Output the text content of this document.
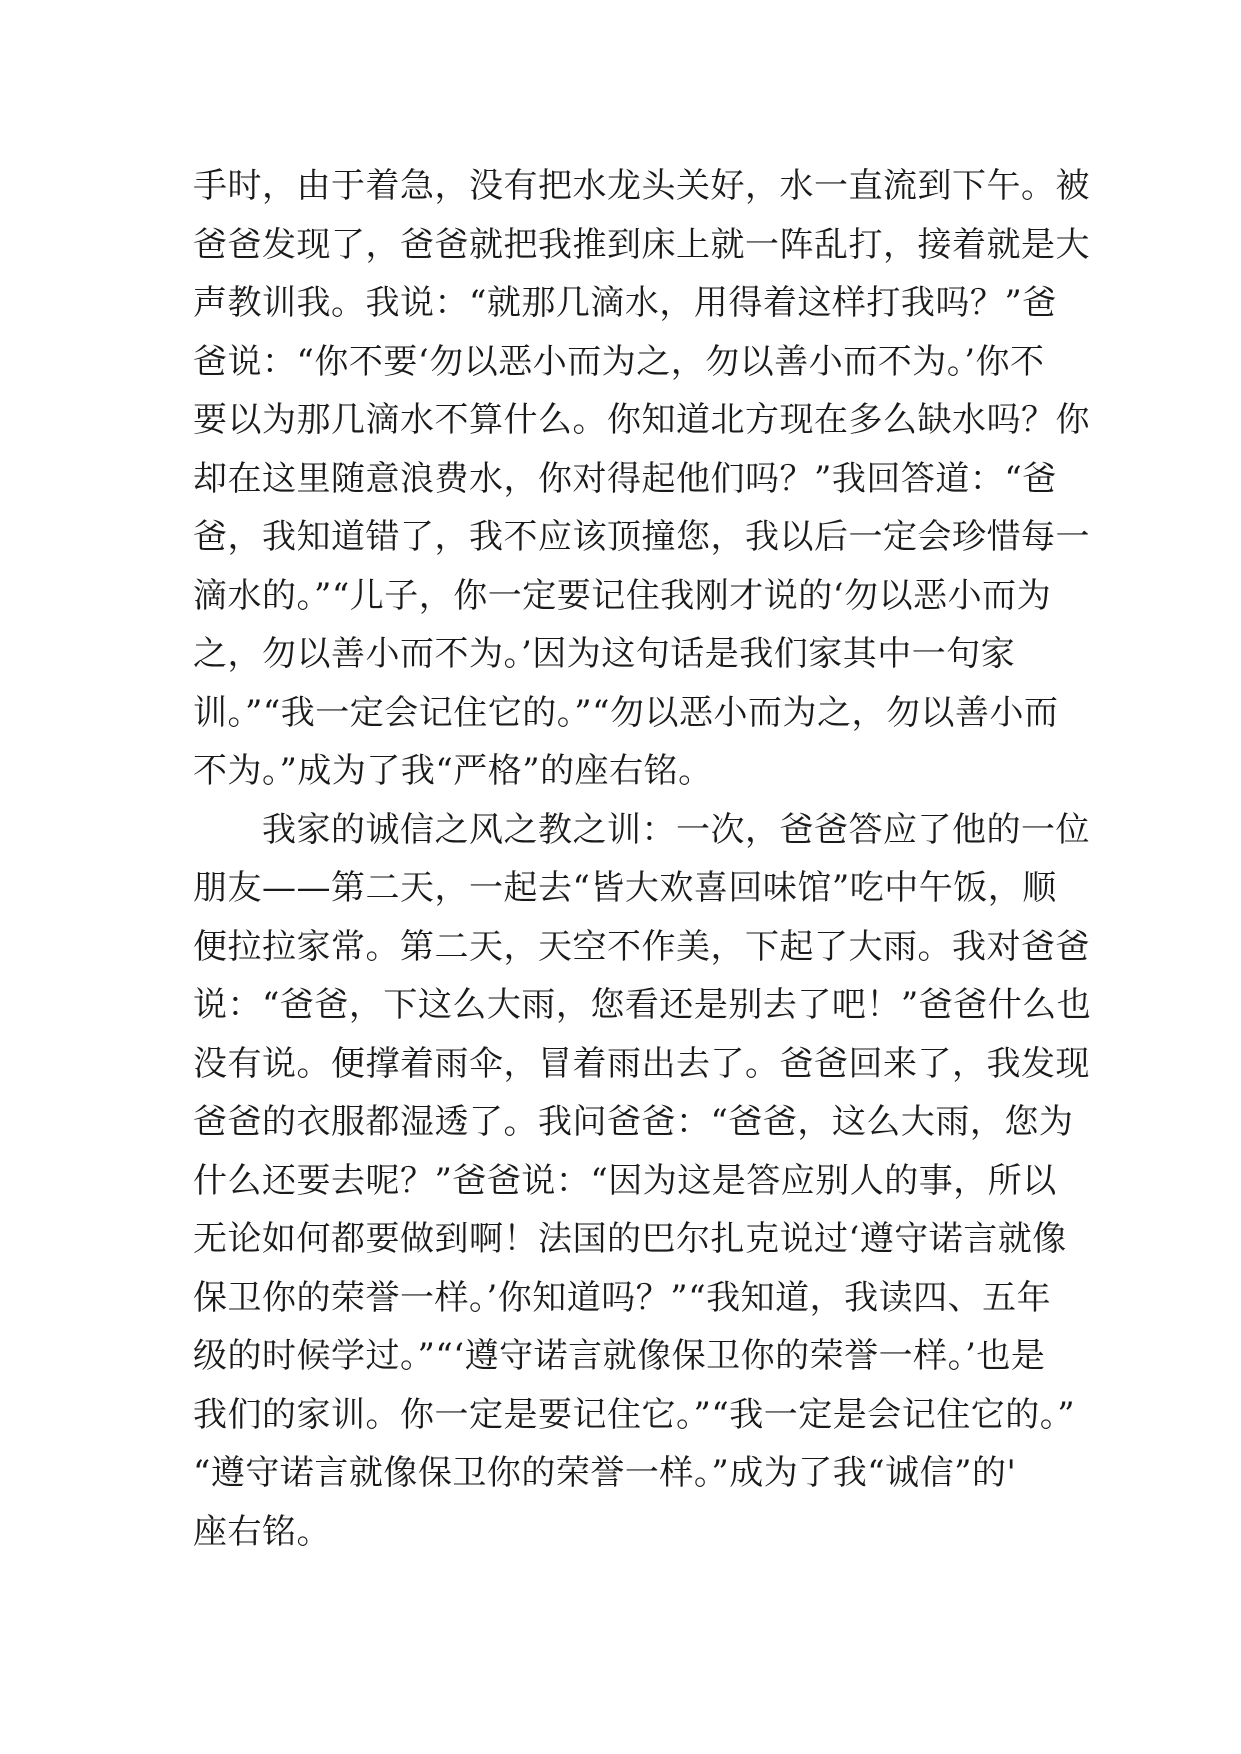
手时，由于着急，没有把水龙头关好，水一直流到下午。被
爸爸发现了，爸爸就把我推到床上就一阵乱打，接着就是大
声教训我。我说：“就那几滴水，用得着这样打我吗？”爸
爸说：“你不要‘勿以恶小而为之，勿以善小而不为。’你不
要以为那几滴水不算什么。你知道北方现在多么缺水吗？你
却在这里随意浪费水，你对得起他们吗？”我回答道：“爸
爸，我知道错了，我不应该顶撞您，我以后一定会珍惜每一
滴水的。”“儿子，你一定要记住我刚才说的‘勿以恶小而为
之，勿以善小而不为。’因为这句话是我们家其中一句家
训。”“我一定会记住它的。”“勿以恶小而为之，勿以善小而
不为。”成为了我“严格”的座右铭。
　　我家的诚信之风之教之训：一次，爸爸答应了他的一位
朋友——第二天，一起去“皆大欢喜回味馆”吃中午饭，顺
便拉拉家常。第二天，天空不作美，下起了大雨。我对爸爸
说：“爸爸，下这么大雨，您看还是别去了吧！”爸爸什么也
没有说。便撑着雨伞，冒着雨出去了。爸爸回来了，我发现
爸爸的衣服都湿透了。我问爸爸：“爸爸，这么大雨，您为
什么还要去呢？”爸爸说：“因为这是答应别人的事，所以
无论如何都要做到啊！法国的巴尔扎克说过‘遵守诺言就像
保卫你的荣誉一样。’你知道吗？”“我知道，我读四、五年
级的时候学过。”“‘遵守诺言就像保卫你的荣誉一样。’也是
我们的家训。你一定是要记住它。”“我一定是会记住它的。”
“遵守诺言就像保卫你的荣誉一样。”成为了我“诚信”的'
座右铭。
